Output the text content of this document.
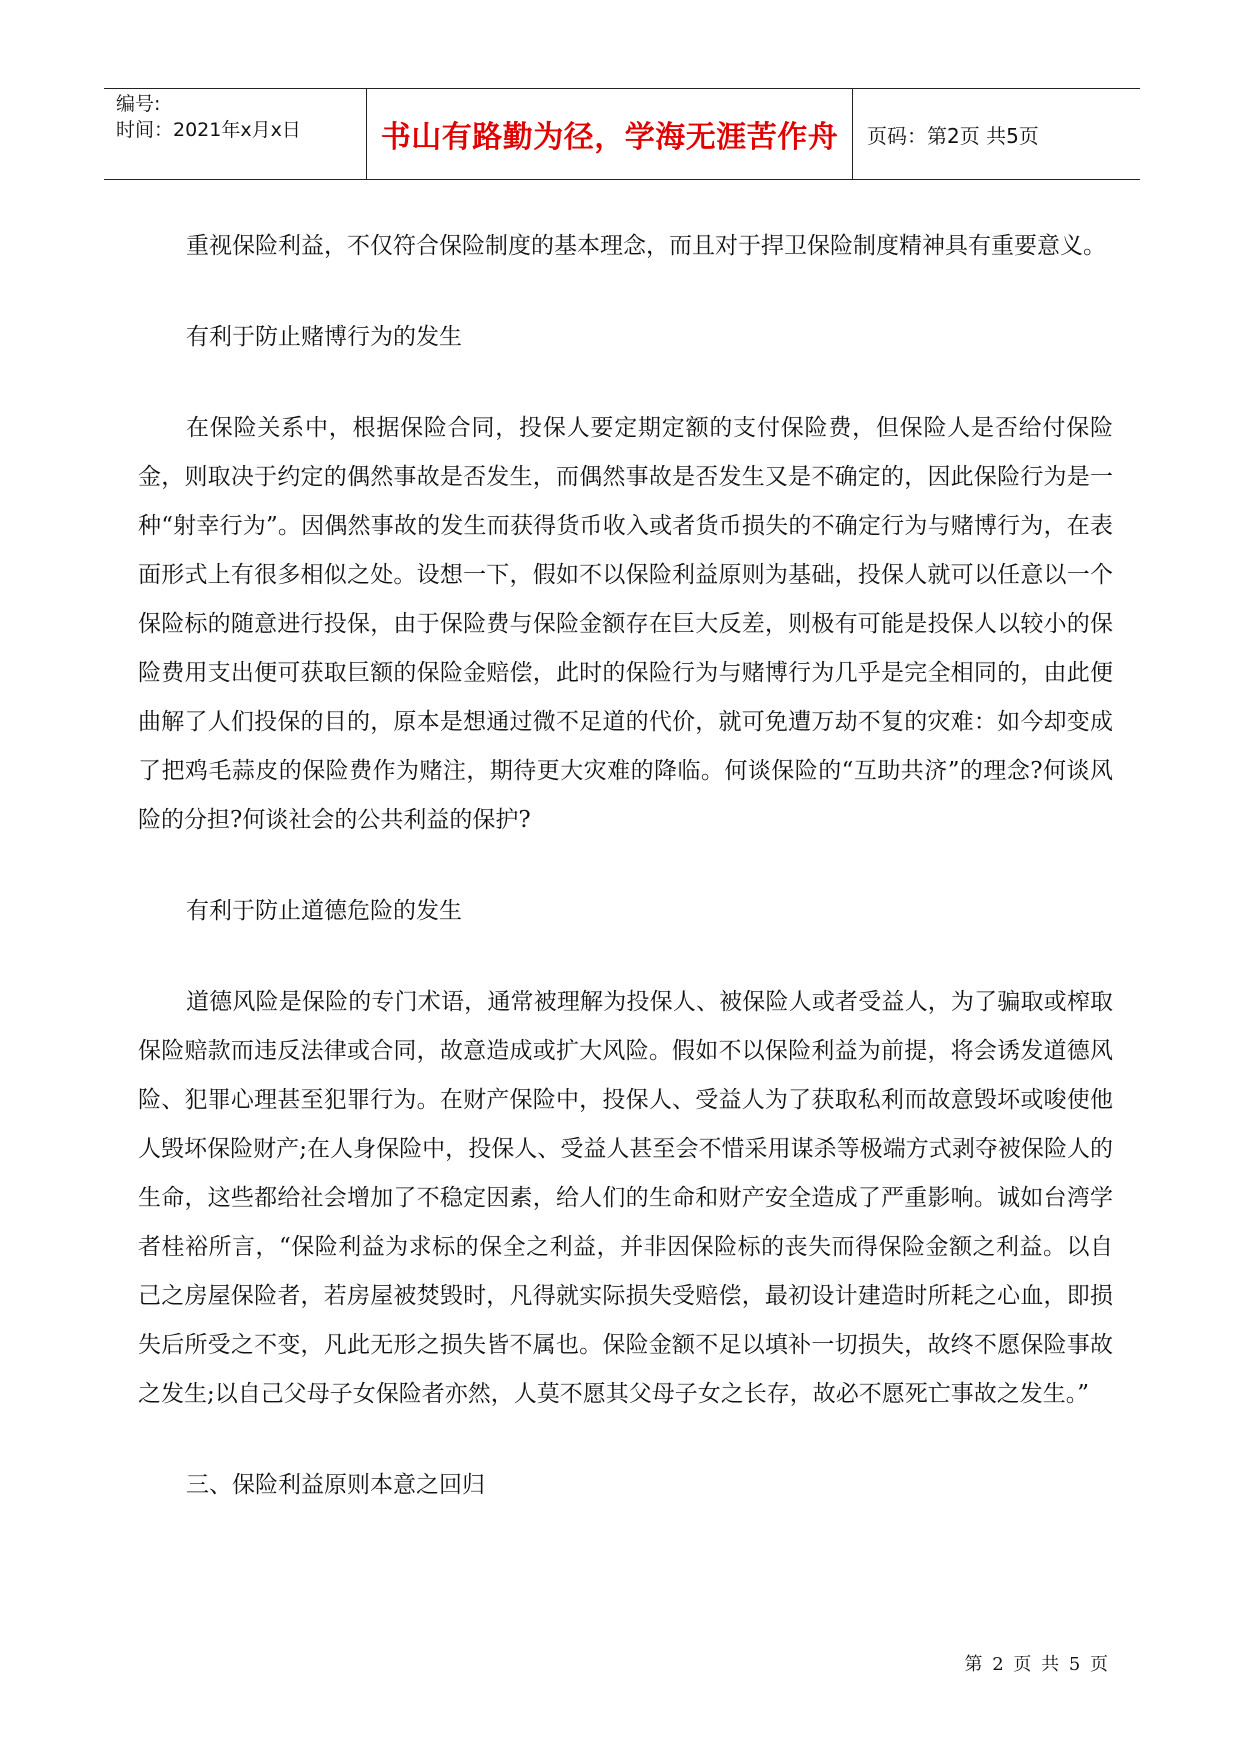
编号:
时间：2021年x月x日	书山有路勤为径，学海无涯苦作舟 页码：第2页 共5页

重视保险利益，不仅符合保险制度的基本理念，而且对于捍卫保险制度精神具有重要意义。

有利于防止赌博行为的发生

在保险关系中，根据保险合同，投保人要定期定额的支付保险费，但保险人是否给付保险金，则取决于约定的偶然事故是否发生，而偶然事故是否发生又是不确定的，因此保险行为是一种“射幸行为”。因偶然事故的发生而获得货币收入或者货币损失的不确定行为与赌博行为，在表面形式上有很多相似之处。设想一下，假如不以保险利益原则为基础，投保人就可以任意以一个保险标的随意进行投保，由于保险费与保险金额存在巨大反差，则极有可能是投保人以较小的保险费用支出便可获取巨额的保险金赔偿，此时的保险行为与赌博行为几乎是完全相同的，由此便曲解了人们投保的目的，原本是想通过微不足道的代价，就可免遭万劫不复的灾难：如今却变成了把鸡毛蒜皮的保险费作为赌注，期待更大灾难的降临。何谈保险的“互助共济”的理念?何谈风险的分担?何谈社会的公共利益的保护?

有利于防止道德危险的发生

道德风险是保险的专门术语，通常被理解为投保人、被保险人或者受益人，为了骗取或榨取保险赔款而违反法律或合同，故意造成或扩大风险。假如不以保险利益为前提，将会诱发道德风险、犯罪心理甚至犯罪行为。在财产保险中，投保人、受益人为了获取私利而故意毁坏或唆使他人毁坏保险财产;在人身保险中，投保人、受益人甚至会不惜采用谋杀等极端方式剥夺被保险人的生命，这些都给社会增加了不稳定因素，给人们的生命和财产安全造成了严重影响。诚如台湾学者桂裕所言，“保险利益为求标的保全之利益，并非因保险标的丧失而得保险金额之利益。以自己之房屋保险者，若房屋被焚毁时，凡得就实际损失受赔偿，最初设计建造时所耗之心血，即损失后所受之不变，凡此无形之损失皆不属也。保险金额不足以填补一切损失，故终不愿保险事故之发生;以自己父母子女保险者亦然，人莫不愿其父母子女之长存，故必不愿死亡事故之发生。”

三、保险利益原则本意之回归

第 2 页 共 5 页
